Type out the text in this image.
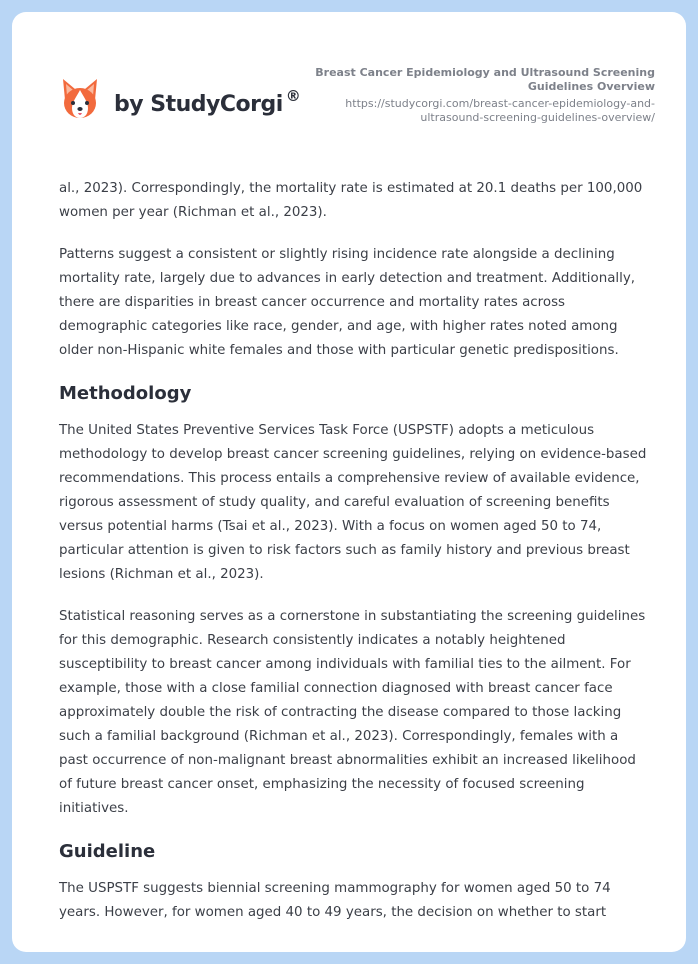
by StudyCorgi ®
Breast Cancer Epidemiology and Ultrasound Screening Guidelines Overview
https://studycorgi.com/breast-cancer-epidemiology-and-ultrasound-screening-guidelines-overview/

al., 2023). Correspondingly, the mortality rate is estimated at 20.1 deaths per 100,000 women per year (Richman et al., 2023).

Patterns suggest a consistent or slightly rising incidence rate alongside a declining mortality rate, largely due to advances in early detection and treatment. Additionally, there are disparities in breast cancer occurrence and mortality rates across demographic categories like race, gender, and age, with higher rates noted among older non-Hispanic white females and those with particular genetic predispositions.

Methodology

The United States Preventive Services Task Force (USPSTF) adopts a meticulous methodology to develop breast cancer screening guidelines, relying on evidence-based recommendations. This process entails a comprehensive review of available evidence, rigorous assessment of study quality, and careful evaluation of screening benefits versus potential harms (Tsai et al., 2023). With a focus on women aged 50 to 74, particular attention is given to risk factors such as family history and previous breast lesions (Richman et al., 2023).

Statistical reasoning serves as a cornerstone in substantiating the screening guidelines for this demographic. Research consistently indicates a notably heightened susceptibility to breast cancer among individuals with familial ties to the ailment. For example, those with a close familial connection diagnosed with breast cancer face approximately double the risk of contracting the disease compared to those lacking such a familial background (Richman et al., 2023). Correspondingly, females with a past occurrence of non-malignant breast abnormalities exhibit an increased likelihood of future breast cancer onset, emphasizing the necessity of focused screening initiatives.

Guideline

The USPSTF suggests biennial screening mammography for women aged 50 to 74 years. However, for women aged 40 to 49 years, the decision on whether to start
